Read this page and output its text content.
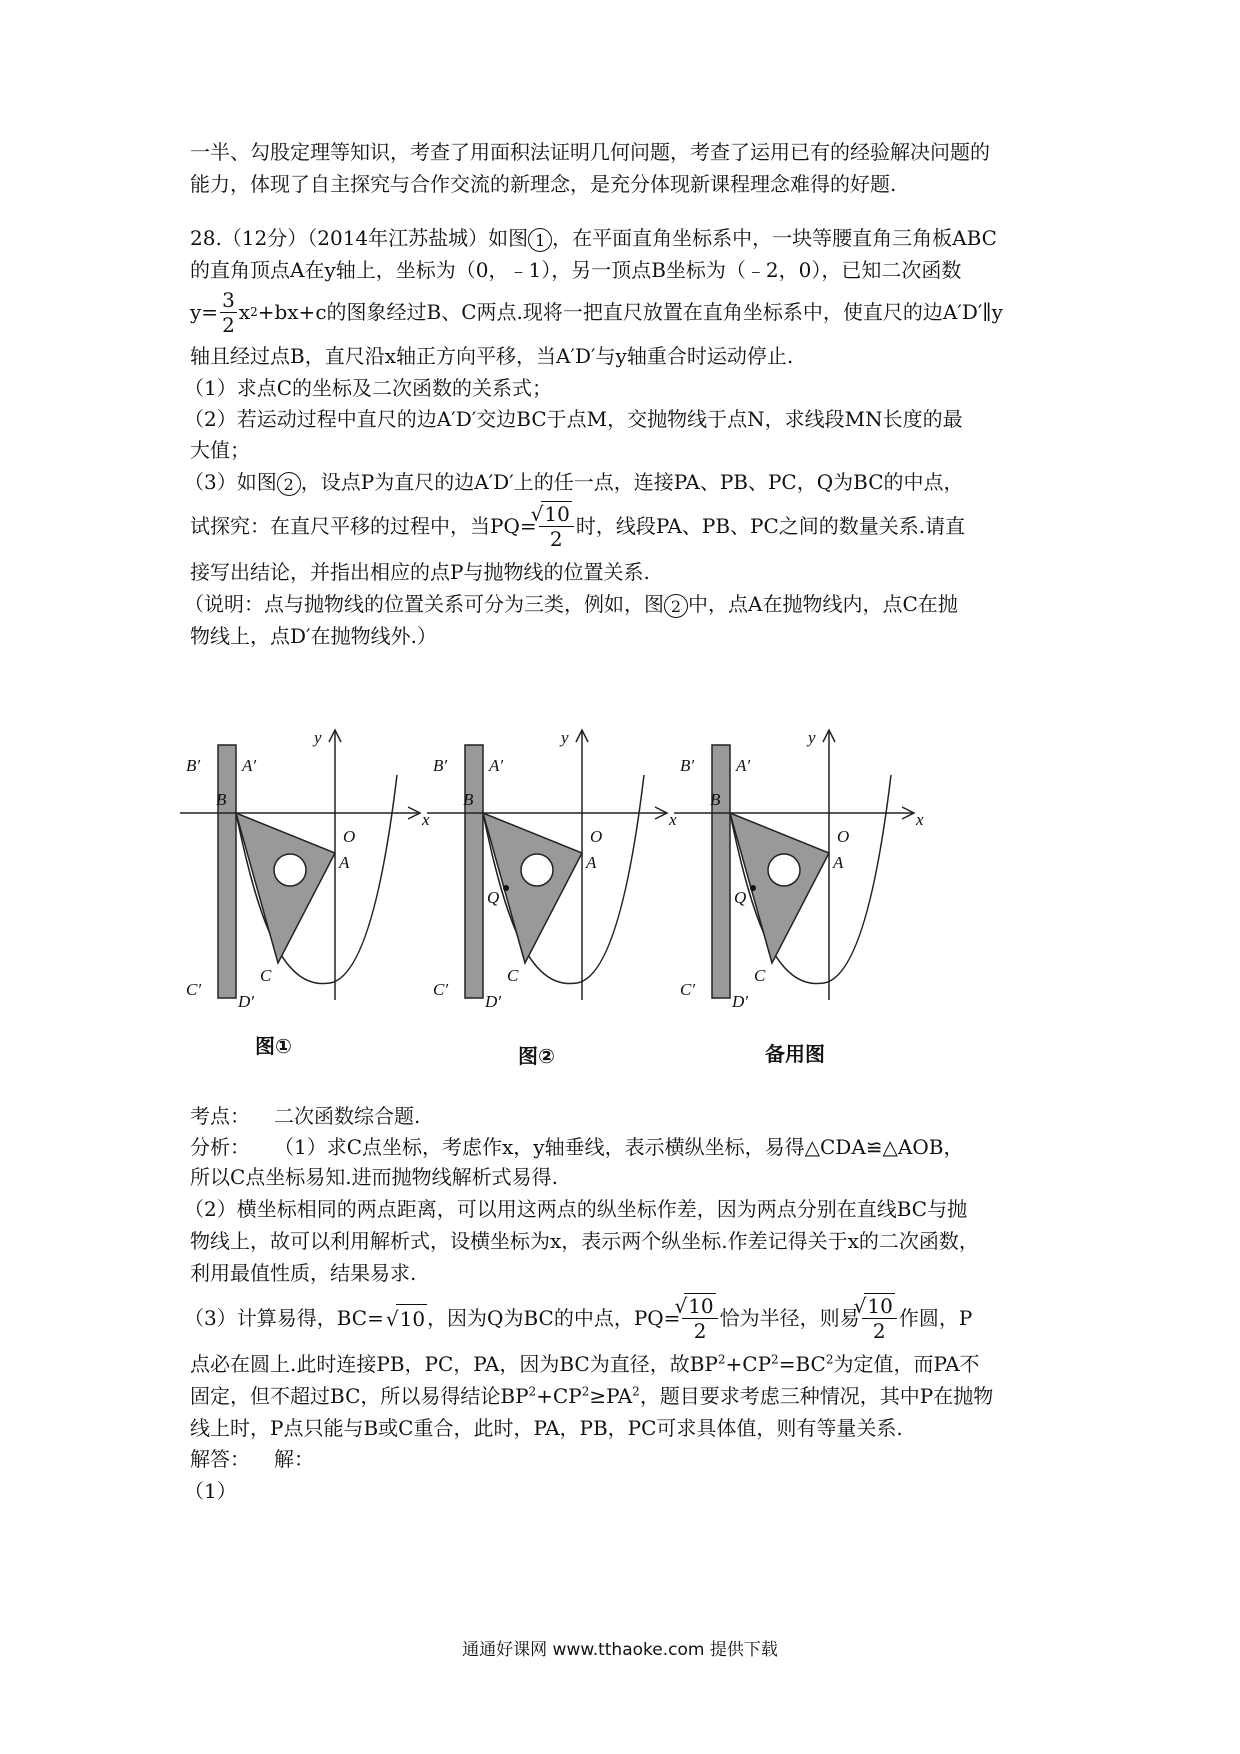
一半、勾股定理等知识，考查了用面积法证明几何问题，考查了运用已有的经验解决问题的
能力，体现了自主探究与合作交流的新理念，是充分体现新课程理念难得的好题.
28.（12分）（2014年江苏盐城）如图 1 ，在平面直角坐标系中，一块等腰直角三角板ABC
的直角顶点A在y轴上，坐标为（0，﹣1），另一顶点B坐标为（﹣2，0），已知二次函数
$y= \frac{3}{2}$ x 2 +bx+c的图象经过B、C两点.现将一把直尺放置在直角坐标系中，使直尺的边A′D′∥y
轴且经过点B，直尺沿x轴正方向平移，当A′D′与y轴重合时运动停止.
（1）求点C的坐标及二次函数的关系式；
（2）若运动过程中直尺的边A′D′交边BC于点M，交抛物线于点N，求线段MN长度的最
大值；
（3）如图 2 ，设点P为直尺的边A′D′上的任一点，连接PA、PB、PC，Q为BC的中点，
试探究：在直尺平移的过程中，当PQ= √ $\frac{10}{2}$ 时，线段PA、PB、PC之间的数量关系.请直
接写出结论，并指出相应的点P与抛物线的位置关系.
（说明：点与抛物线的位置关系可分为三类，例如，图 2 中，点A在抛物线内，点C在抛
物线上，点D′在抛物线外.）
B′ A′
B
O
A
x
y
C
C′
D′
B′ A′
B
O
A
x
y
Q
C
C′
D′
B′ A′
B
O
A
x
y
Q
C
C′
D′
图①	图②	备用图
考点： 二次函数综合题.
分析： （1）求C点坐标，考虑作x，y轴垂线，表示横纵坐标，易得△CDA≌△AOB，
所以C点坐标易知.进而抛物线解析式易得.
（2）横坐标相同的两点距离，可以用这两点的纵坐标作差，因为两点分别在直线BC与抛
物线上，故可以利用解析式，设横坐标为x，表示两个纵坐标.作差记得关于x的二次函数，
利用最值性质，结果易求.
（3）计算易得，BC= √ 10 ，因为Q为BC的中点，PQ= √ $\frac{10}{2}$ 恰为半径，则易 √ $\frac{10}{2}$ 作圆，P
点必在圆上.此时连接PB，PC，PA，因为BC为直径，故$BP^2+CP^2=BC^2$为定值，而PA不
固定，但不超过BC，所以易得结论$BP^2+CP^2\ge PA^2$，题目要求考虑三种情况，其中P在抛物
线上时，P点只能与B或C重合，此时，PA，PB，PC可求具体值，则有等量关系.
解答： 解：
（1）
通通好课网 www.tthaoke.com 提供下载
